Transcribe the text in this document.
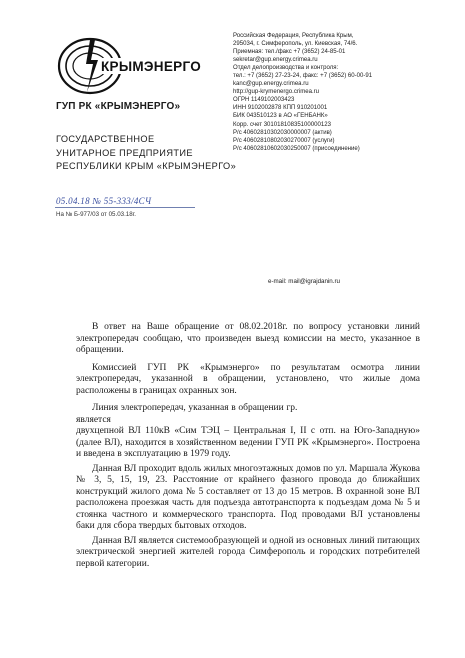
КРЫМЭНЕРГО
ГУП РК «КРЫМЭНЕРГО»
ГОСУДАРСТВЕННОЕ
УНИТАРНОЕ ПРЕДПРИЯТИЕ
РЕСПУБЛИКИ КРЫМ «КРЫМЭНЕРГО»
Российская Федерация, Республика Крым,
295034, г. Симферополь, ул. Киевская, 74/6.
Приемная: тел./факс +7 (3652) 24-85-01
sekretar@gup.energy.crimea.ru
Отдел делопроизводства и контроля:
тел.: +7 (3652) 27-23-24, факс: +7 (3652) 60-00-91
kanc@gup.energy.crimea.ru
http://gup-krymenergo.crimea.ru
ОГРН 1149102003423
ИНН 9102002878 КПП 910201001
БИК 043510123 в АО «ГЕНБАНК»
Корр. счет 30101810835100000123
Р/с 40602810302030000007 (актив)
Р/с 40602810802030270007 (услуги)
Р/с 40602810602030250007 (присоединение)
05.04.18 № 55-333/4СЧ
На № Б-977/03 от 05.03.18г.
e-mail: mail@igrajdanin.ru

В ответ на Ваше обращение от 08.02.2018г. по вопросу установки линий электропередач сообщаю, что произведен выезд комиссии на место, указанное в обращении.

Комиссией ГУП РК «Крымэнерго» по результатам осмотра линии электропередач, указанной в обращении, установлено, что жилые дома расположены в границах охранных зон.

Линия электропередач, указанная в обращении гр.  является

двухцепной ВЛ 110кВ «Сим ТЭЦ – Центральная I, II с отп. на Юго-Западную» (далее ВЛ), находится в хозяйственном ведении ГУП РК «Крымэнерго». Построена и введена в эксплуатацию в 1979 году.

Данная ВЛ проходит вдоль жилых многоэтажных домов по ул. Маршала Жукова № 3, 5, 15, 19, 23. Расстояние от крайнего фазного провода до ближайших конструкций жилого дома № 5 составляет от 13 до 15 метров. В охранной зоне ВЛ расположена проезжая часть для подъезда автотранспорта к подъездам дома № 5 и стоянка частного и коммерческого транспорта. Под проводами ВЛ установлены баки для сбора твердых бытовых отходов.

Данная ВЛ является системообразующей и одной из основных линий питающих электрической энергией жителей города Симферополь и городских потребителей первой категории.
